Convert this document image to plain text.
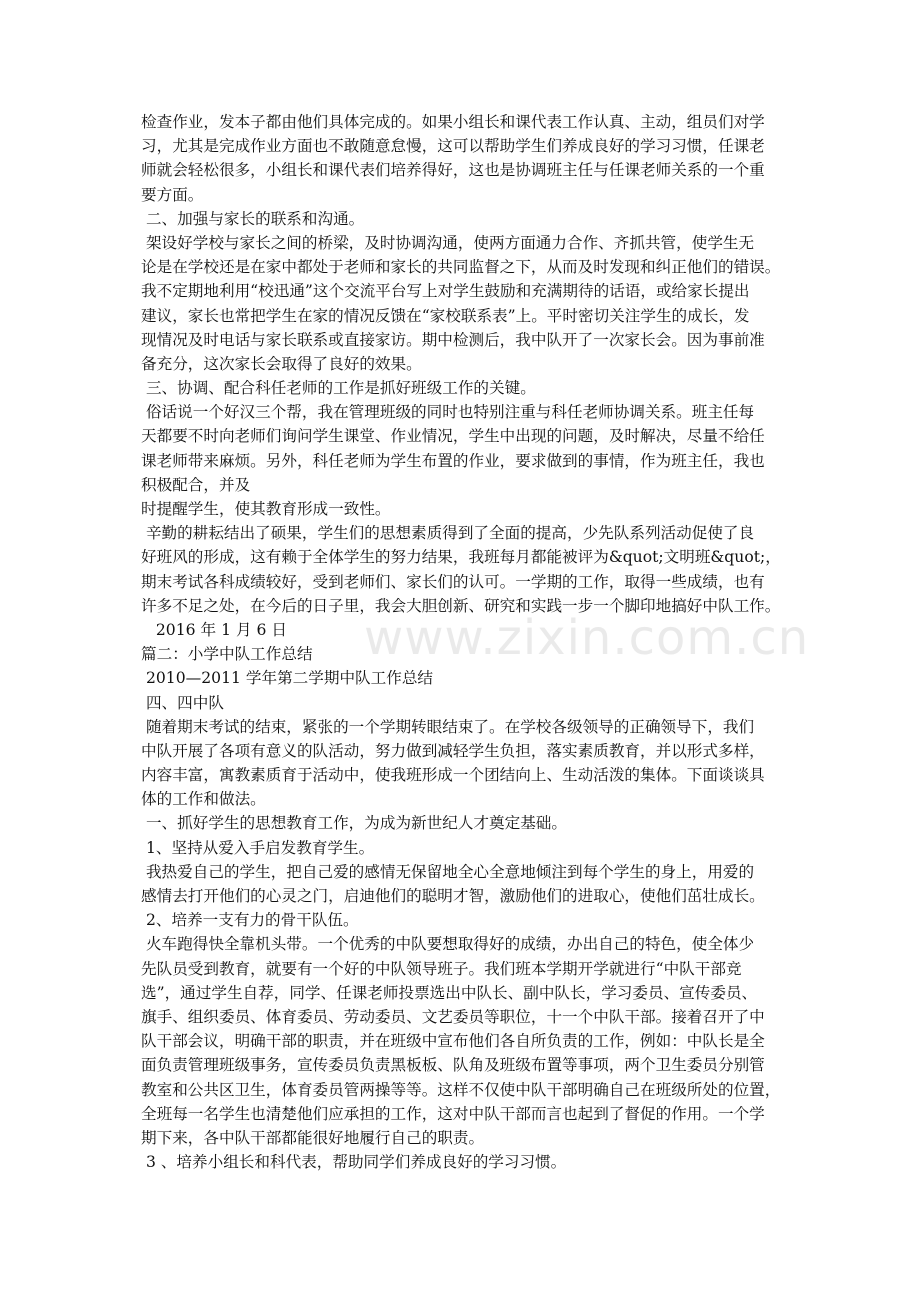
检查作业，发本子都由他们具体完成的。如果小组长和课代表工作认真、主动，组员们对学
习，尤其是完成作业方面也不敢随意怠慢，这可以帮助学生们养成良好的学习习惯，任课老
师就会轻松很多，小组长和课代表们培养得好，这也是协调班主任与任课老师关系的一个重
要方面。
二、加强与家长的联系和沟通。
架设好学校与家长之间的桥梁，及时协调沟通，使两方面通力合作、齐抓共管，使学生无
论是在学校还是在家中都处于老师和家长的共同监督之下，从而及时发现和纠正他们的错误。
我不定期地利用“校迅通”这个交流平台写上对学生鼓励和充满期待的话语，或给家长提出
建议，家长也常把学生在家的情况反馈在“家校联系表”上。平时密切关注学生的成长，发
现情况及时电话与家长联系或直接家访。期中检测后，我中队开了一次家长会。因为事前准
备充分，这次家长会取得了良好的效果。
三、协调、配合科任老师的工作是抓好班级工作的关键。
俗话说一个好汉三个帮，我在管理班级的同时也特别注重与科任老师协调关系。班主任每
天都要不时向老师们询问学生课堂、作业情况，学生中出现的问题，及时解决，尽量不给任
课老师带来麻烦。另外，科任老师为学生布置的作业，要求做到的事情，作为班主任，我也
积极配合，并及
时提醒学生，使其教育形成一致性。
辛勤的耕耘结出了硕果，学生们的思想素质得到了全面的提高，少先队系列活动促使了良
好班风的形成，这有赖于全体学生的努力结果，我班每月都能被评为&quot;文明班&quot;，
期末考试各科成绩较好，受到老师们、家长们的认可。一学期的工作，取得一些成绩，也有
许多不足之处，在今后的日子里，我会大胆创新、研究和实践一步一个脚印地搞好中队工作。
2016 年 1 月 6 日
篇二：小学中队工作总结
2010—2011 学年第二学期中队工作总结
四、四中队
随着期末考试的结束，紧张的一个学期转眼结束了。在学校各级领导的正确领导下，我们
中队开展了各项有意义的队活动，努力做到减轻学生负担，落实素质教育，并以形式多样，
内容丰富，寓教素质育于活动中，使我班形成一个团结向上、生动活泼的集体。下面谈谈具
体的工作和做法。
一、抓好学生的思想教育工作，为成为新世纪人才奠定基础。
1、坚持从爱入手启发教育学生。
我热爱自己的学生，把自己爱的感情无保留地全心全意地倾注到每个学生的身上，用爱的
感情去打开他们的心灵之门，启迪他们的聪明才智，激励他们的进取心，使他们茁壮成长。
2、培养一支有力的骨干队伍。
火车跑得快全靠机头带。一个优秀的中队要想取得好的成绩，办出自己的特色，使全体少
先队员受到教育，就要有一个好的中队领导班子。我们班本学期开学就进行“中队干部竞
选”，通过学生自荐，同学、任课老师投票选出中队长、副中队长，学习委员、宣传委员、
旗手、组织委员、体育委员、劳动委员、文艺委员等职位，十一个中队干部。接着召开了中
队干部会议，明确干部的职责，并在班级中宣布他们各自所负责的工作，例如：中队长是全
面负责管理班级事务，宣传委员负责黑板板、队角及班级布置等事项，两个卫生委员分别管
教室和公共区卫生，体育委员管两操等等。这样不仅使中队干部明确自己在班级所处的位置，
全班每一名学生也清楚他们应承担的工作，这对中队干部而言也起到了督促的作用。一个学
期下来，各中队干部都能很好地履行自己的职责。
3 、培养小组长和科代表，帮助同学们养成良好的学习习惯。
www.zixin.com.cn
